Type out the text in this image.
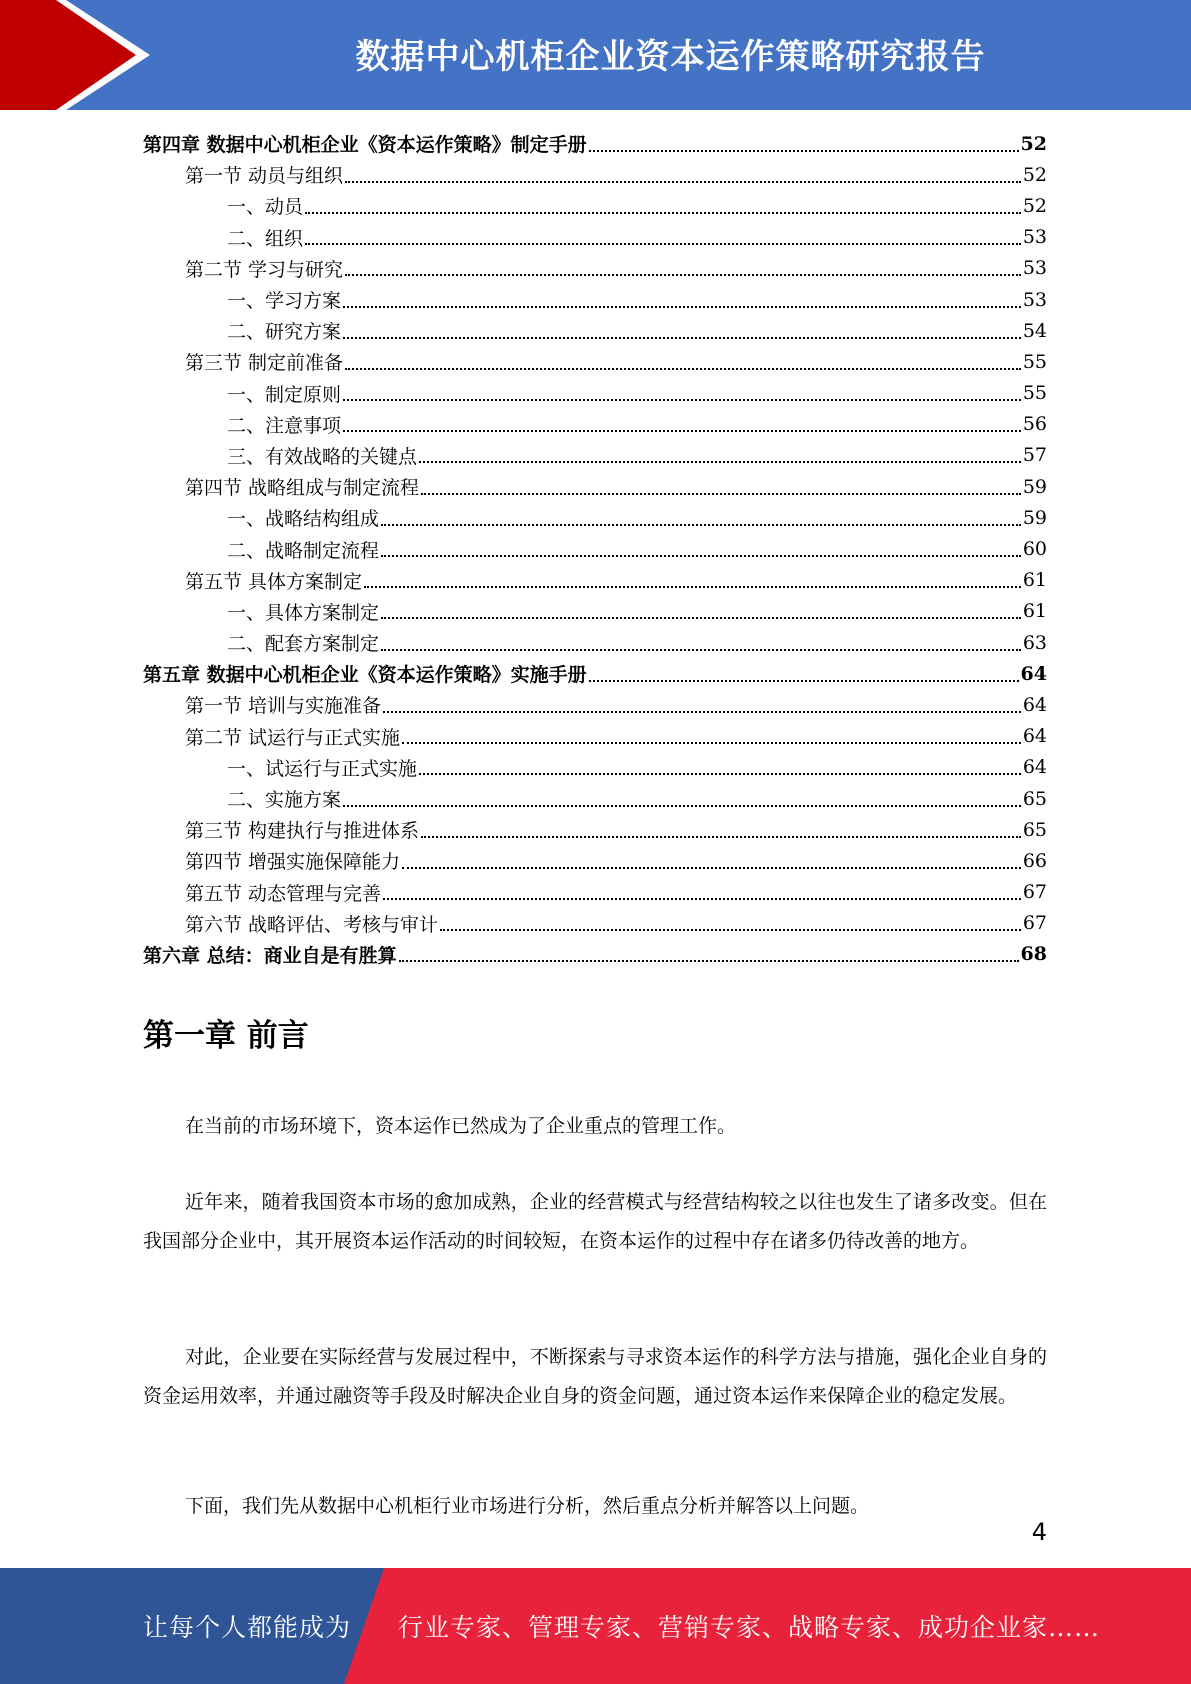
数据中心机柜企业资本运作策略研究报告
第四章 数据中心机柜企业《资本运作策略》制定手册	52
第一节 动员与组织	52
一、动员	52
二、组织	53
第二节 学习与研究	53
一、学习方案	53
二、研究方案	54
第三节 制定前准备	55
一、制定原则	55
二、注意事项	56
三、有效战略的关键点	57
第四节 战略组成与制定流程	59
一、战略结构组成	59
二、战略制定流程	60
第五节 具体方案制定	61
一、具体方案制定	61
二、配套方案制定	63
第五章 数据中心机柜企业《资本运作策略》实施手册	64
第一节 培训与实施准备	64
第二节 试运行与正式实施	64
一、试运行与正式实施	64
二、实施方案	65
第三节 构建执行与推进体系	65
第四节 增强实施保障能力	66
第五节 动态管理与完善	67
第六节 战略评估、考核与审计	67
第六章 总结：商业自是有胜算	68
第一章 前言

在当前的市场环境下，资本运作已然成为了企业重点的管理工作。

近年来，随着我国资本市场的愈加成熟，企业的经营模式与经营结构较之以往也发生了诸多改变。但在我国部分企业中，其开展资本运作活动的时间较短，在资本运作的过程中存在诸多仍待改善的地方。

对此，企业要在实际经营与发展过程中，不断探索与寻求资本运作的科学方法与措施，强化企业自身的资金运用效率，并通过融资等手段及时解决企业自身的资金问题，通过资本运作来保障企业的稳定发展。

下面，我们先从数据中心机柜行业市场进行分析，然后重点分析并解答以上问题。

4
让每个人都能成为 行业专家、管理专家、营销专家、战略专家、成功企业家……
